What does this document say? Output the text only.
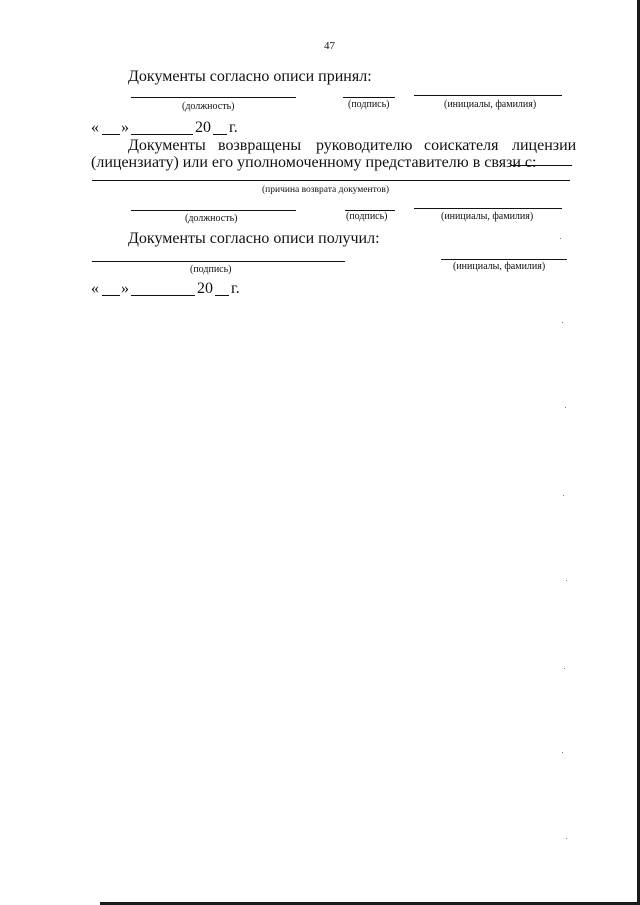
47
Документы согласно описи принял:
(должность)	(подпись)	(инициалы, фамилия)
« »	20 г.
Документы возвращены руководителю соискателя лицензии
(лицензиату) или его уполномоченному представителю в связи с:
(причина возврата документов)
(должность)	(подпись)	(инициалы, фамилия)
Документы согласно описи получил:
(подпись)	(инициалы, фамилия)
« »	20 г.
